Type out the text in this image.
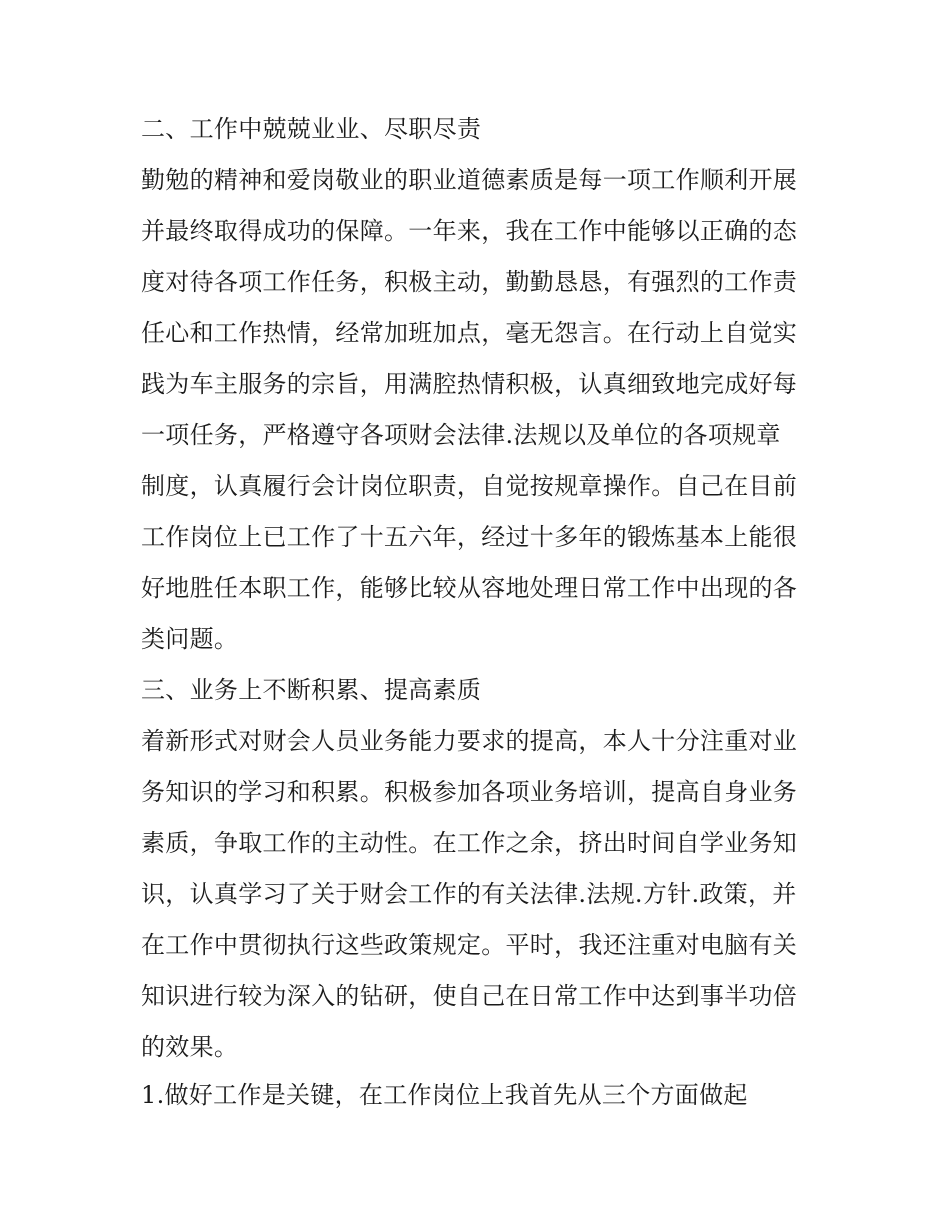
二、工作中兢兢业业、尽职尽责
勤勉的精神和爱岗敬业的职业道德素质是每一项工作顺利开展
并最终取得成功的保障。一年来，我在工作中能够以正确的态
度对待各项工作任务，积极主动，勤勤恳恳，有强烈的工作责
任心和工作热情，经常加班加点，毫无怨言。在行动上自觉实
践为车主服务的宗旨，用满腔热情积极，认真细致地完成好每
一项任务，严格遵守各项财会法律.法规以及单位的各项规章
制度，认真履行会计岗位职责，自觉按规章操作。自己在目前
工作岗位上已工作了十五六年，经过十多年的锻炼基本上能很
好地胜任本职工作，能够比较从容地处理日常工作中出现的各
类问题。
三、业务上不断积累、提高素质
着新形式对财会人员业务能力要求的提高，本人十分注重对业
务知识的学习和积累。积极参加各项业务培训，提高自身业务
素质，争取工作的主动性。在工作之余，挤出时间自学业务知
识，认真学习了关于财会工作的有关法律.法规.方针.政策，并
在工作中贯彻执行这些政策规定。平时，我还注重对电脑有关
知识进行较为深入的钻研，使自己在日常工作中达到事半功倍
的效果。
1.做好工作是关键，在工作岗位上我首先从三个方面做起
